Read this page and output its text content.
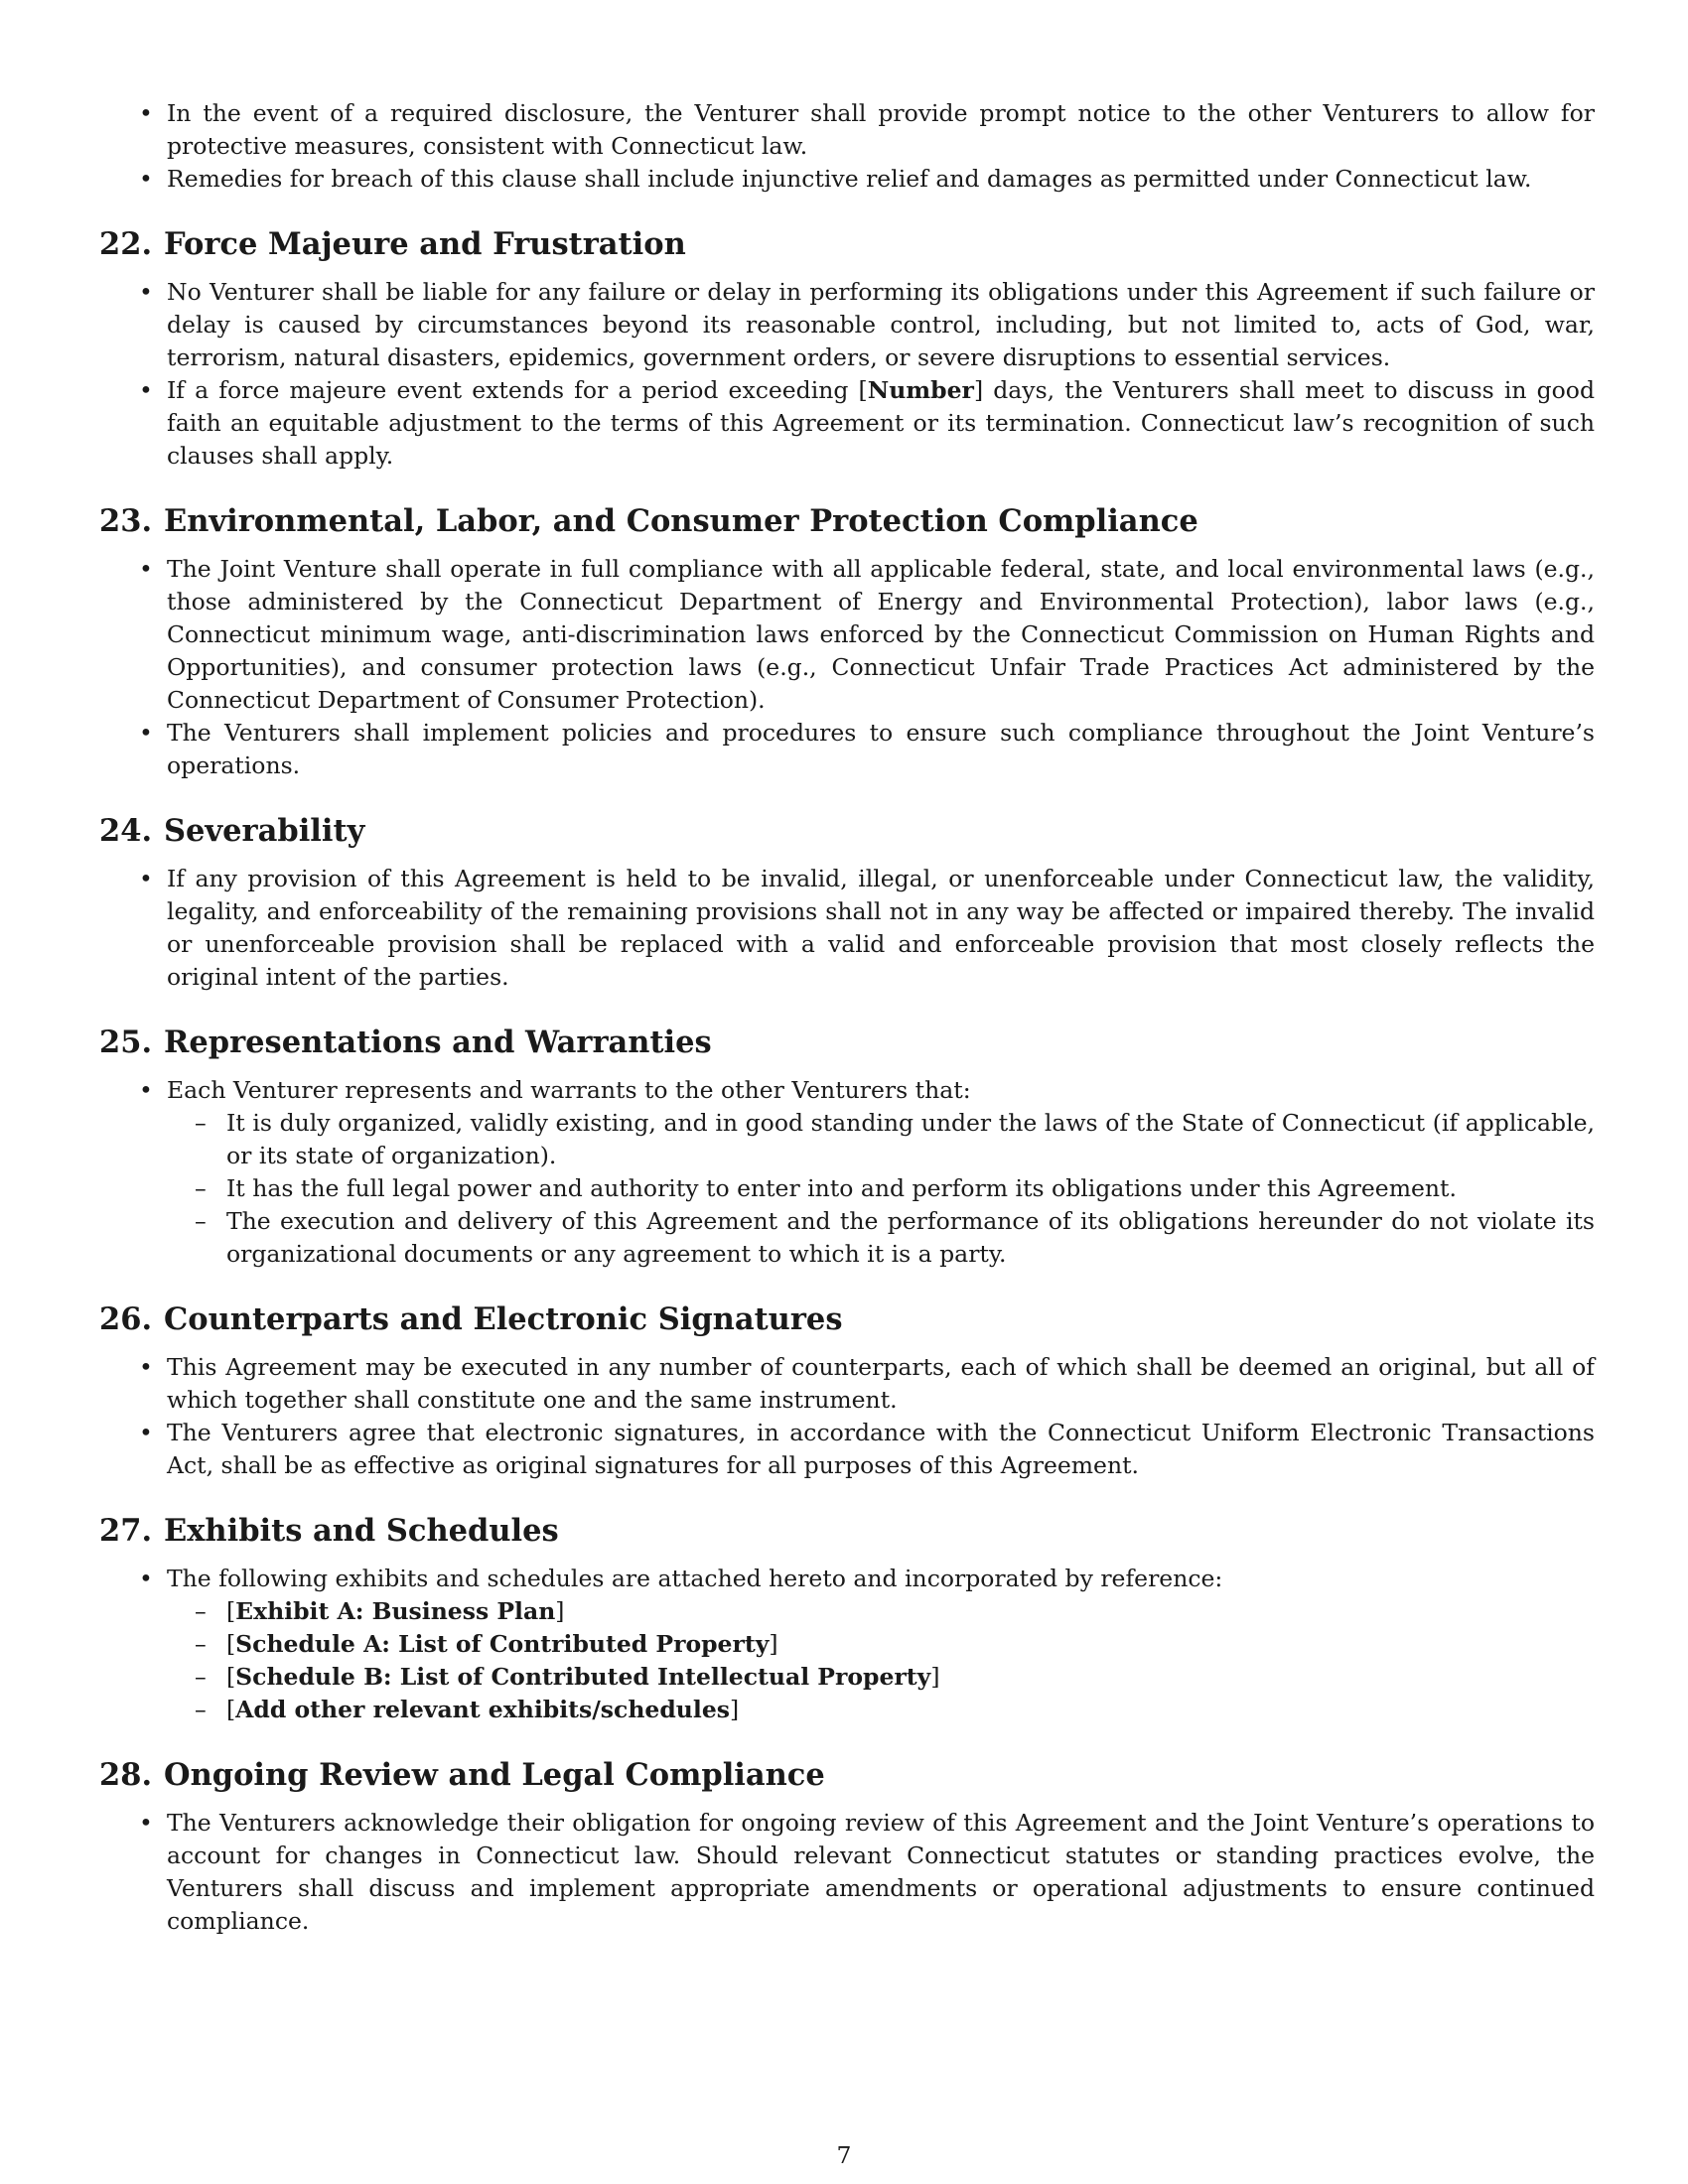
• In the event of a required disclosure, the Venturer shall provide prompt notice to the other Venturers to allow for protective measures, consistent with Connecticut law.
• Remedies for breach of this clause shall include injunctive relief and damages as permitted under Connecticut law.
22. Force Majeure and Frustration
• No Venturer shall be liable for any failure or delay in performing its obligations under this Agreement if such failure or delay is caused by circumstances beyond its reasonable control, including, but not limited to, acts of God, war, terrorism, natural disasters, epidemics, government orders, or severe disruptions to essential services.
• If a force majeure event extends for a period exceeding [Number] days, the Venturers shall meet to discuss in good faith an equitable adjustment to the terms of this Agreement or its termination. Connecticut law’s recognition of such clauses shall apply.
23. Environmental, Labor, and Consumer Protection Compliance
• The Joint Venture shall operate in full compliance with all applicable federal, state, and local environmental laws (e.g., those administered by the Connecticut Department of Energy and Environmental Protection), labor laws (e.g., Connecticut minimum wage, anti-discrimination laws enforced by the Connecticut Commission on Human Rights and Opportunities), and consumer protection laws (e.g., Connecticut Unfair Trade Practices Act administered by the Connecticut Department of Consumer Protection).
• The Venturers shall implement policies and procedures to ensure such compliance throughout the Joint Venture’s operations.
24. Severability
• If any provision of this Agreement is held to be invalid, illegal, or unenforceable under Connecticut law, the validity, legality, and enforceability of the remaining provisions shall not in any way be affected or impaired thereby. The invalid or unenforceable provision shall be replaced with a valid and enforceable provision that most closely reflects the original intent of the parties.
25. Representations and Warranties
• Each Venturer represents and warrants to the other Venturers that:
– It is duly organized, validly existing, and in good standing under the laws of the State of Connecticut (if applicable, or its state of organization).
– It has the full legal power and authority to enter into and perform its obligations under this Agreement.
– The execution and delivery of this Agreement and the performance of its obligations hereunder do not violate its organizational documents or any agreement to which it is a party.
26. Counterparts and Electronic Signatures
• This Agreement may be executed in any number of counterparts, each of which shall be deemed an original, but all of which together shall constitute one and the same instrument.
• The Venturers agree that electronic signatures, in accordance with the Connecticut Uniform Electronic Transactions Act, shall be as effective as original signatures for all purposes of this Agreement.
27. Exhibits and Schedules
• The following exhibits and schedules are attached hereto and incorporated by reference:
– [Exhibit A: Business Plan]
– [Schedule A: List of Contributed Property]
– [Schedule B: List of Contributed Intellectual Property]
– [Add other relevant exhibits/schedules]
28. Ongoing Review and Legal Compliance
• The Venturers acknowledge their obligation for ongoing review of this Agreement and the Joint Venture’s operations to account for changes in Connecticut law. Should relevant Connecticut statutes or standing practices evolve, the Venturers shall discuss and implement appropriate amendments or operational adjustments to ensure continued compliance.
7
